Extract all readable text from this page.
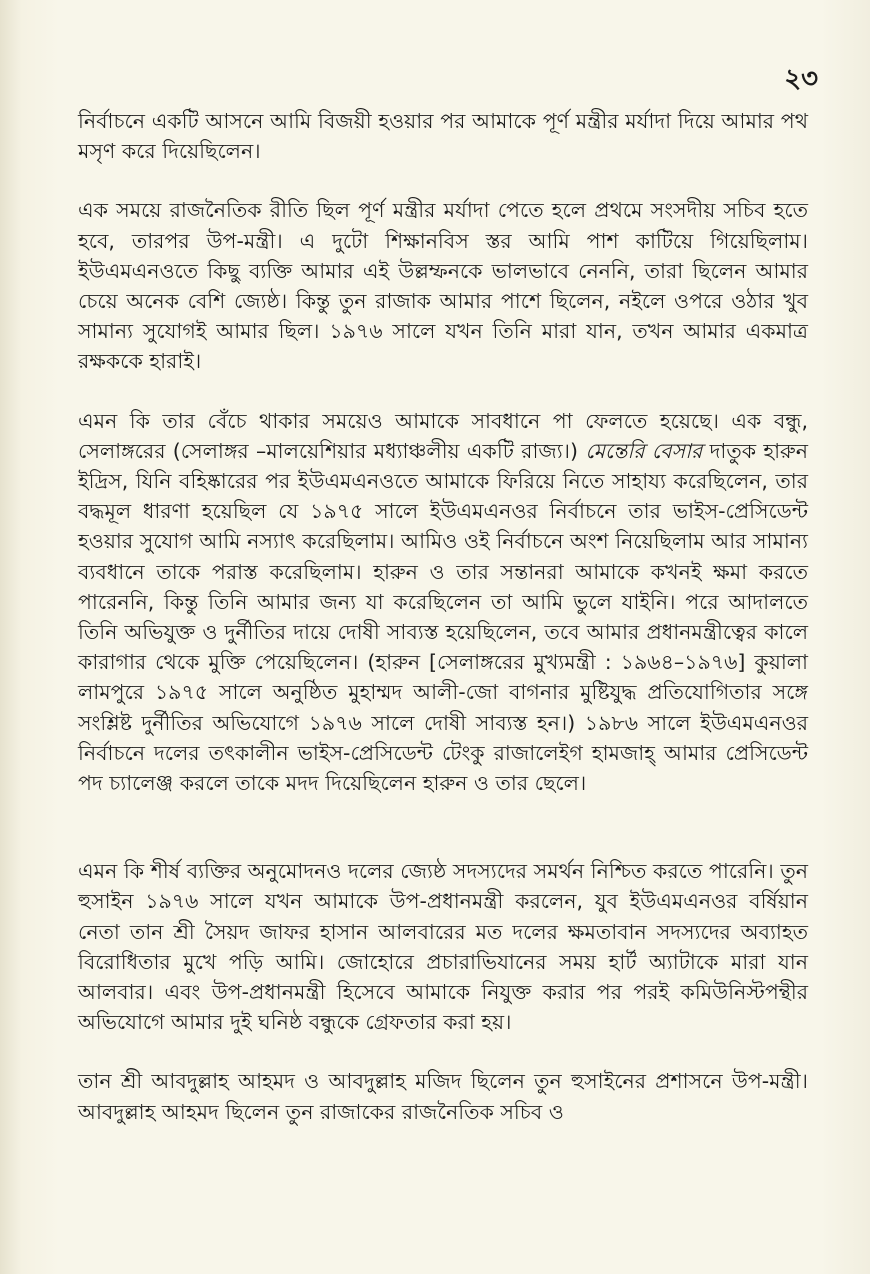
২৩

নির্বাচনে একটি আসনে আমি বিজয়ী হওয়ার পর আমাকে পূর্ণ মন্ত্রীর মর্যাদা দিয়ে আমার পথ মসৃণ করে দিয়েছিলেন।

এক সময়ে রাজনৈতিক রীতি ছিল পূর্ণ মন্ত্রীর মর্যাদা পেতে হলে প্রথমে সংসদীয় সচিব হতে হবে, তারপর উপ-মন্ত্রী। এ দুটো শিক্ষানবিস স্তর আমি পাশ কাটিয়ে গিয়েছিলাম। ইউএমএনওতে কিছু ব্যক্তি আমার এই উল্লম্ফনকে ভালভাবে নেননি, তারা ছিলেন আমার চেয়ে অনেক বেশি জ্যেষ্ঠ। কিন্তু তুন রাজাক আমার পাশে ছিলেন, নইলে ওপরে ওঠার খুব সামান্য সুযোগই আমার ছিল। ১৯৭৬ সালে যখন তিনি মারা যান, তখন আমার একমাত্র রক্ষককে হারাই।

এমন কি তার বেঁচে থাকার সময়েও আমাকে সাবধানে পা ফেলতে হয়েছে। এক বন্ধু, সেলাঙ্গরের (সেলাঙ্গর –মালয়েশিয়ার মধ্যাঞ্চলীয় একটি রাজ্য।) মেন্তেরি বেসার দাতুক হারুন ইদ্রিস, যিনি বহিষ্কারের পর ইউএমএনওতে আমাকে ফিরিয়ে নিতে সাহায্য করেছিলেন, তার বদ্ধমূল ধারণা হয়েছিল যে ১৯৭৫ সালে ইউএমএনওর নির্বাচনে তার ভাইস-প্রেসিডেন্ট হওয়ার সুযোগ আমি নস্যাৎ করেছিলাম। আমিও ওই নির্বাচনে অংশ নিয়েছিলাম আর সামান্য ব্যবধানে তাকে পরাস্ত করেছিলাম। হারুন ও তার সন্তানরা আমাকে কখনই ক্ষমা করতে পারেননি, কিন্তু তিনি আমার জন্য যা করেছিলেন তা আমি ভুলে যাইনি। পরে আদালতে তিনি অভিযুক্ত ও দুর্নীতির দায়ে দোষী সাব্যস্ত হয়েছিলেন, তবে আমার প্রধানমন্ত্রীত্বের কালে কারাগার থেকে মুক্তি পেয়েছিলেন। (হারুন [সেলাঙ্গরের মুখ্যমন্ত্রী : ১৯৬৪–১৯৭৬] কুয়ালা লামপুরে ১৯৭৫ সালে অনুষ্ঠিত মুহাম্মদ আলী-জো বাগনার মুষ্টিযুদ্ধ প্রতিযোগিতার সঙ্গে সংশ্লিষ্ট দুর্নীতির অভিযোগে ১৯৭৬ সালে দোষী সাব্যস্ত হন।) ১৯৮৬ সালে ইউএমএনওর নির্বাচনে দলের তৎকালীন ভাইস-প্রেসিডেন্ট টেংকু রাজালেইগ হামজাহ্ আমার প্রেসিডেন্ট পদ চ্যালেঞ্জ করলে তাকে মদদ দিয়েছিলেন হারুন ও তার ছেলে।

এমন কি শীর্ষ ব্যক্তির অনুমোদনও দলের জ্যেষ্ঠ সদস্যদের সমর্থন নিশ্চিত করতে পারেনি। তুন হুসাইন ১৯৭৬ সালে যখন আমাকে উপ-প্রধানমন্ত্রী করলেন, যুব ইউএমএনওর বর্ষিয়ান নেতা তান শ্রী সৈয়দ জাফর হাসান আলবারের মত দলের ক্ষমতাবান সদস্যদের অব্যাহত বিরোধিতার মুখে পড়ি আমি। জোহোরে প্রচারাভিযানের সময় হার্ট অ্যাটাকে মারা যান আলবার। এবং উপ-প্রধানমন্ত্রী হিসেবে আমাকে নিযুক্ত করার পর পরই কমিউনিস্টপন্থীর অভিযোগে আমার দুই ঘনিষ্ঠ বন্ধুকে গ্রেফতার করা হয়।

তান শ্রী আবদুল্লাহ আহমদ ও আবদুল্লাহ মজিদ ছিলেন তুন হুসাইনের প্রশাসনে উপ-মন্ত্রী। আবদুল্লাহ আহমদ ছিলেন তুন রাজাকের রাজনৈতিক সচিব ও
